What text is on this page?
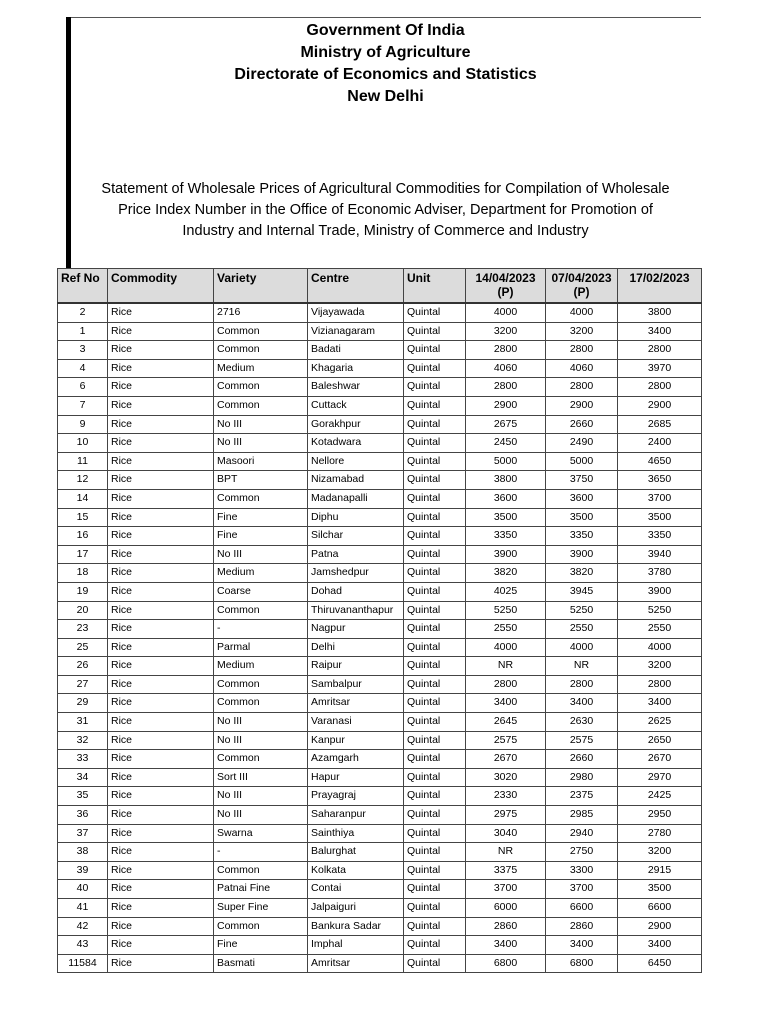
Government Of India
Ministry of Agriculture
Directorate of Economics and Statistics
New Delhi
Statement of Wholesale Prices of Agricultural Commodities for Compilation of Wholesale
Price Index Number in the Office of Economic Adviser, Department for Promotion of
Industry and Internal Trade, Ministry of Commerce and Industry
Ref No	Commodity	Variety	Centre	Unit	14/04/2023 (P)	07/04/2023 (P)	17/02/2023
2	Rice	2716	Vijayawada	Quintal	4000	4000	3800
1	Rice	Common	Vizianagaram	Quintal	3200	3200	3400
3	Rice	Common	Badati	Quintal	2800	2800	2800
4	Rice	Medium	Khagaria	Quintal	4060	4060	3970
6	Rice	Common	Baleshwar	Quintal	2800	2800	2800
7	Rice	Common	Cuttack	Quintal	2900	2900	2900
9	Rice	No III	Gorakhpur	Quintal	2675	2660	2685
10	Rice	No III	Kotadwara	Quintal	2450	2490	2400
11	Rice	Masoori	Nellore	Quintal	5000	5000	4650
12	Rice	BPT	Nizamabad	Quintal	3800	3750	3650
14	Rice	Common	Madanapalli	Quintal	3600	3600	3700
15	Rice	Fine	Diphu	Quintal	3500	3500	3500
16	Rice	Fine	Silchar	Quintal	3350	3350	3350
17	Rice	No III	Patna	Quintal	3900	3900	3940
18	Rice	Medium	Jamshedpur	Quintal	3820	3820	3780
19	Rice	Coarse	Dohad	Quintal	4025	3945	3900
20	Rice	Common	Thiruvananthapur	Quintal	5250	5250	5250
23	Rice	-	Nagpur	Quintal	2550	2550	2550
25	Rice	Parmal	Delhi	Quintal	4000	4000	4000
26	Rice	Medium	Raipur	Quintal	NR	NR	3200
27	Rice	Common	Sambalpur	Quintal	2800	2800	2800
29	Rice	Common	Amritsar	Quintal	3400	3400	3400
31	Rice	No III	Varanasi	Quintal	2645	2630	2625
32	Rice	No III	Kanpur	Quintal	2575	2575	2650
33	Rice	Common	Azamgarh	Quintal	2670	2660	2670
34	Rice	Sort III	Hapur	Quintal	3020	2980	2970
35	Rice	No III	Prayagraj	Quintal	2330	2375	2425
36	Rice	No III	Saharanpur	Quintal	2975	2985	2950
37	Rice	Swarna	Sainthiya	Quintal	3040	2940	2780
38	Rice	-	Balurghat	Quintal	NR	2750	3200
39	Rice	Common	Kolkata	Quintal	3375	3300	2915
40	Rice	Patnai Fine	Contai	Quintal	3700	3700	3500
41	Rice	Super Fine	Jalpaiguri	Quintal	6000	6600	6600
42	Rice	Common	Bankura Sadar	Quintal	2860	2860	2900
43	Rice	Fine	Imphal	Quintal	3400	3400	3400
11584	Rice	Basmati	Amritsar	Quintal	6800	6800	6450
